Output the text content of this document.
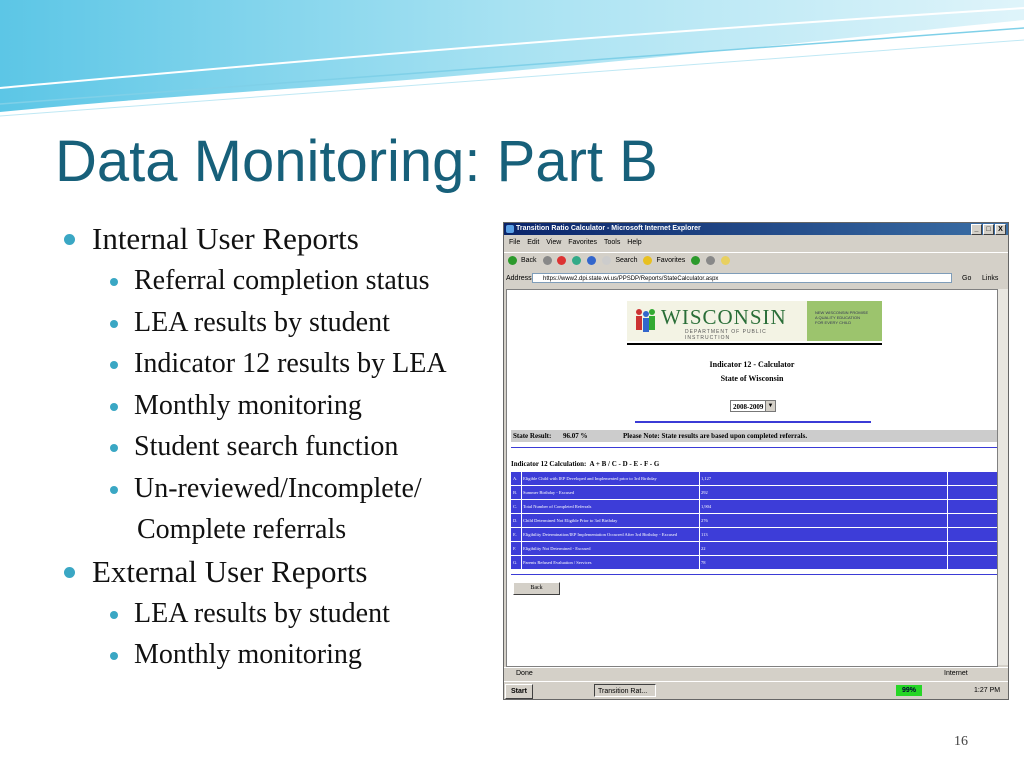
Data Monitoring: Part B
Internal User Reports
Referral completion status
LEA results by student
Indicator 12 results by LEA
Monthly monitoring
Student search function
Un-reviewed/Incomplete/
Complete referrals
External User Reports
LEA results by student
Monthly monitoring
Transition Ratio Calculator - Microsoft Internet Explorer	_ □ X
File Edit View Favorites Tools Help
Back	Search	Favorites
Address	https://www2.dpi.state.wi.us/PPSDP/Reports/StateCalculator.aspx	Go Links
WISCONSIN
DEPARTMENT OF PUBLIC INSTRUCTION
NEW WISCONSIN PROMISE
A QUALITY EDUCATION
FOR EVERY CHILD
Indicator 12 - Calculator
State of Wisconsin
2008-2009 ▼
State Result: 96.07 %	Please Note: State results are based upon completed referrals.
Indicator 12 Calculation: A + B / C - D - E - F - G
A.	Eligible Child with IEP Developed and Implemented prior to 3rd Birthday	1,127
B.	Summer Birthday - Excused	292
C.	Total Number of Completed Referrals	1,904
D.	Child Determined Not Eligible Prior to 3rd Birthday	276
E.	Eligibility Determination/IEP Implementation Occurred After 3rd Birthday - Excused	113
F.	Eligibility Not Determined - Excused	22
G.	Parents Refused Evaluation / Services	78
Back
Done	Internet
Start	Transition Rat...	99%	1:27 PM
16
